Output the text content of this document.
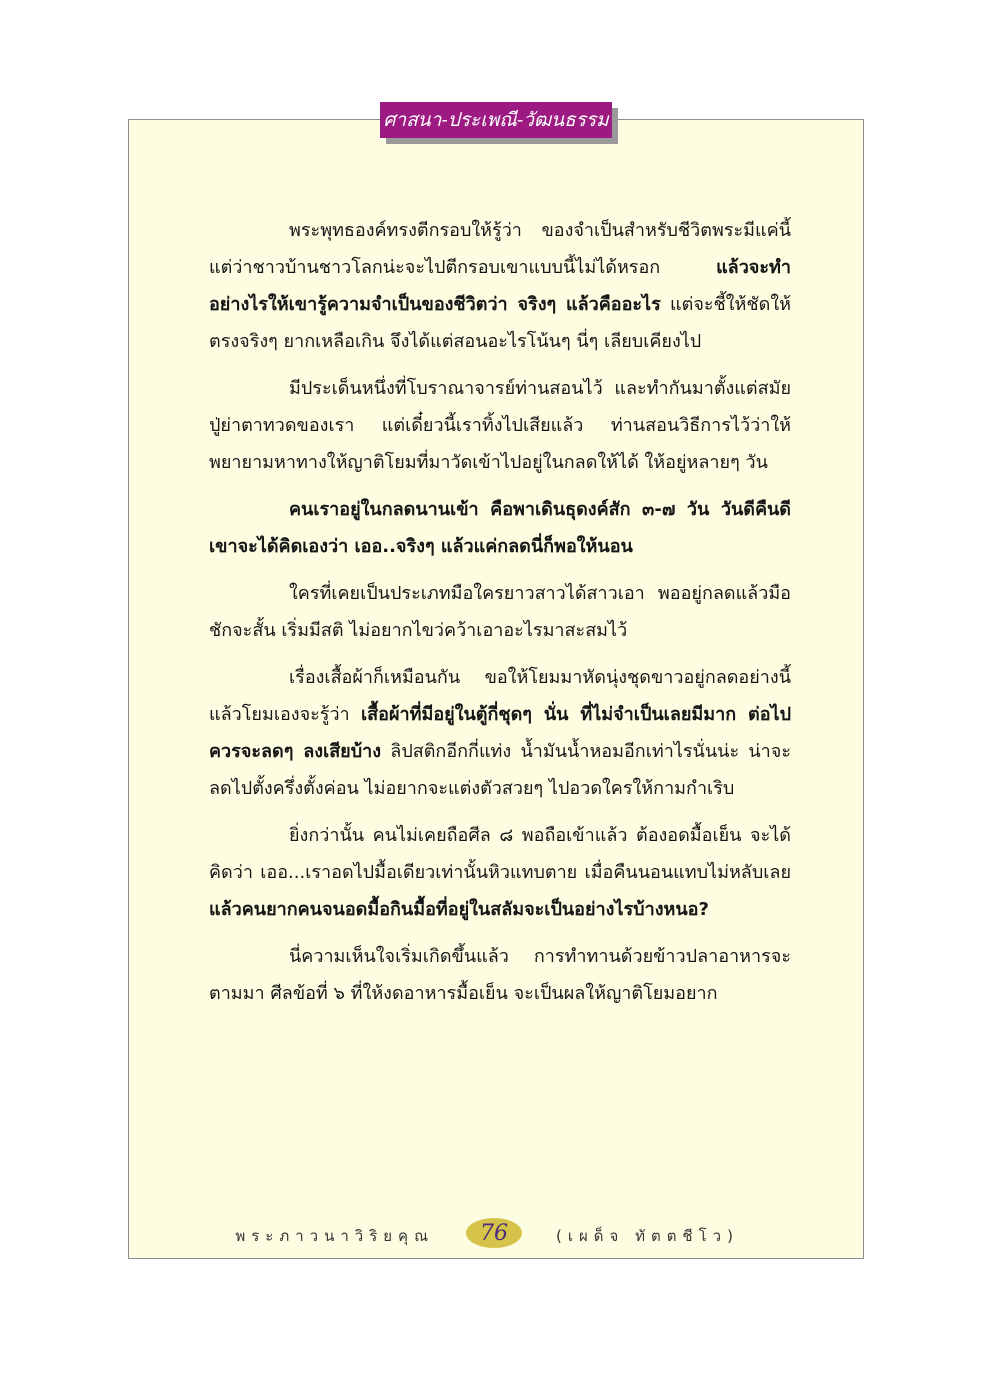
ศาสนา-ประเพณี-วัฒนธรรม

พระพุทธองค์ทรงตีกรอบให้รู้ว่า ของจำเป็นสำหรับชีวิตพระมีแค่นี้ แต่ว่าชาวบ้านชาวโลกน่ะจะไปตีกรอบเขาแบบนี้ไม่ได้หรอก แล้วจะทำอย่างไรให้เขารู้ความจำเป็นของชีวิตว่า จริงๆ แล้วคืออะไร แต่จะชี้ให้ชัดให้ตรงจริงๆ ยากเหลือเกิน จึงได้แต่สอนอะไรโน้นๆ นี่ๆ เลียบเคียงไป

มีประเด็นหนึ่งที่โบราณาจารย์ท่านสอนไว้ และทำกันมาตั้งแต่สมัยปู่ย่าตาทวดของเรา แต่เดี๋ยวนี้เราทิ้งไปเสียแล้ว ท่านสอนวิธีการไว้ว่าให้พยายามหาทางให้ญาติโยมที่มาวัดเข้าไปอยู่ในกลดให้ได้ ให้อยู่หลายๆ วัน

คนเราอยู่ในกลดนานเข้า คือพาเดินธุดงค์สัก ๓-๗ วัน วันดีคืนดีเขาจะได้คิดเองว่า เออ..จริงๆ แล้วแค่กลดนี่ก็พอให้นอน

ใครที่เคยเป็นประเภทมือใครยาวสาวได้สาวเอา พออยู่กลดแล้วมือชักจะสั้น เริ่มมีสติ ไม่อยากไขว่คว้าเอาอะไรมาสะสมไว้

เรื่องเสื้อผ้าก็เหมือนกัน ขอให้โยมมาหัดนุ่งชุดขาวอยู่กลดอย่างนี้ แล้วโยมเองจะรู้ว่า เสื้อผ้าที่มีอยู่ในตู้กี่ชุดๆ นั่น ที่ไม่จำเป็นเลยมีมาก ต่อไปควรจะลดๆ ลงเสียบ้าง ลิปสติกอีกกี่แท่ง น้ำมันน้ำหอมอีกเท่าไรนั่นน่ะ น่าจะลดไปตั้งครึ่งตั้งค่อน ไม่อยากจะแต่งตัวสวยๆ ไปอวดใครให้กามกำเริบ

ยิ่งกว่านั้น คนไม่เคยถือศีล ๘ พอถือเข้าแล้ว ต้องอดมื้อเย็น จะได้คิดว่า เออ...เราอดไปมื้อเดียวเท่านั้นหิวแทบตาย เมื่อคืนนอนแทบไม่หลับเลย แล้วคนยากคนจนอดมื้อกินมื้อที่อยู่ในสลัมจะเป็นอย่างไรบ้างหนอ?

นี่ความเห็นใจเริ่มเกิดขึ้นแล้ว การทำทานด้วยข้าวปลาอาหารจะตามมา ศีลข้อที่ ๖ ที่ให้งดอาหารมื้อเย็น จะเป็นผลให้ญาติโยมอยาก

พระภาวนาวิริยคุณ 76	(เผด็จ ทัตตชีโว)
